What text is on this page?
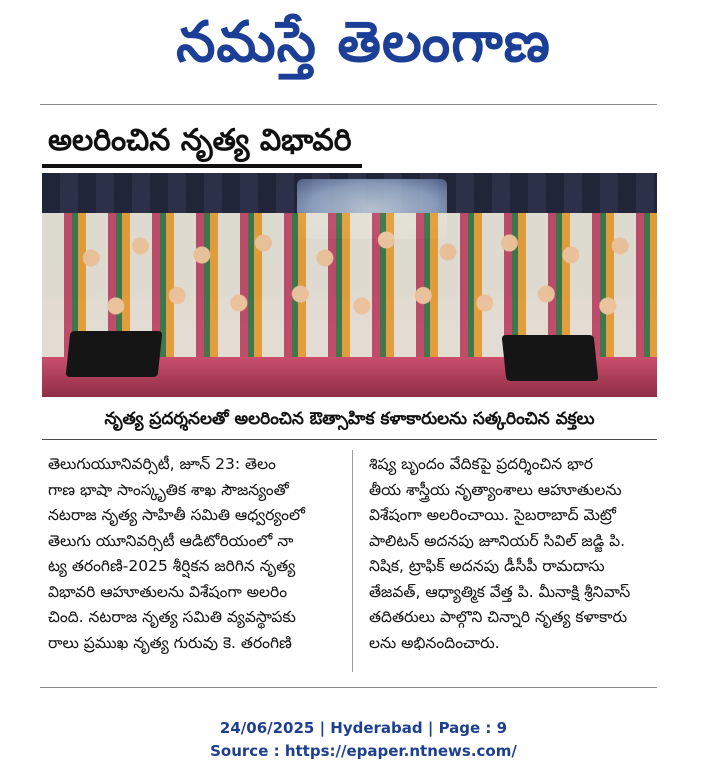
నమస్తే తెలంగాణ
అలరించిన నృత్య విభావరి
నృత్య ప్రదర్శనలతో అలరించిన ఔత్సాహిక కళాకారులను సత్కరించిన వక్తలు
తెలుగుయూనివర్సిటీ, జూన్ 23: తెలం
గాణ భాషా సాంస్కృతిక శాఖ సౌజన్యంతో
నటరాజ నృత్య సాహితీ సమితి ఆధ్వర్యంలో
తెలుగు యూనివర్సిటీ ఆడిటోరియంలో నా
ట్య తరంగిణి-2025 శీర్షికన జరిగిన నృత్య
విభావరి ఆహూతులను విశేషంగా అలరిం
చింది. నటరాజ నృత్య సమితి వ్యవస్థాపకు
రాలు ప్రముఖ నృత్య గురువు కె. తరంగిణి
శిష్య బృందం వేదికపై ప్రదర్శించిన భార
తీయ శాస్త్రీయ నృత్యాంశాలు ఆహూతులను
విశేషంగా అలరించాయి. సైబరాబాద్ మెట్రో
పాలిటన్ అదనపు జూనియర్ సివిల్ జడ్జి పి.
నిషిక, ట్రాఫిక్ అదనపు డీసీపీ రామదాసు
తేజవత్, ఆధ్యాత్మిక వేత్త పి. మీనాక్షి శ్రీనివాస్
తదితరులు పాల్గొని చిన్నారి నృత్య కళాకారు
లను అభినందించారు.
24/06/2025 | Hyderabad | Page : 9
Source : https://epaper.ntnews.com/
